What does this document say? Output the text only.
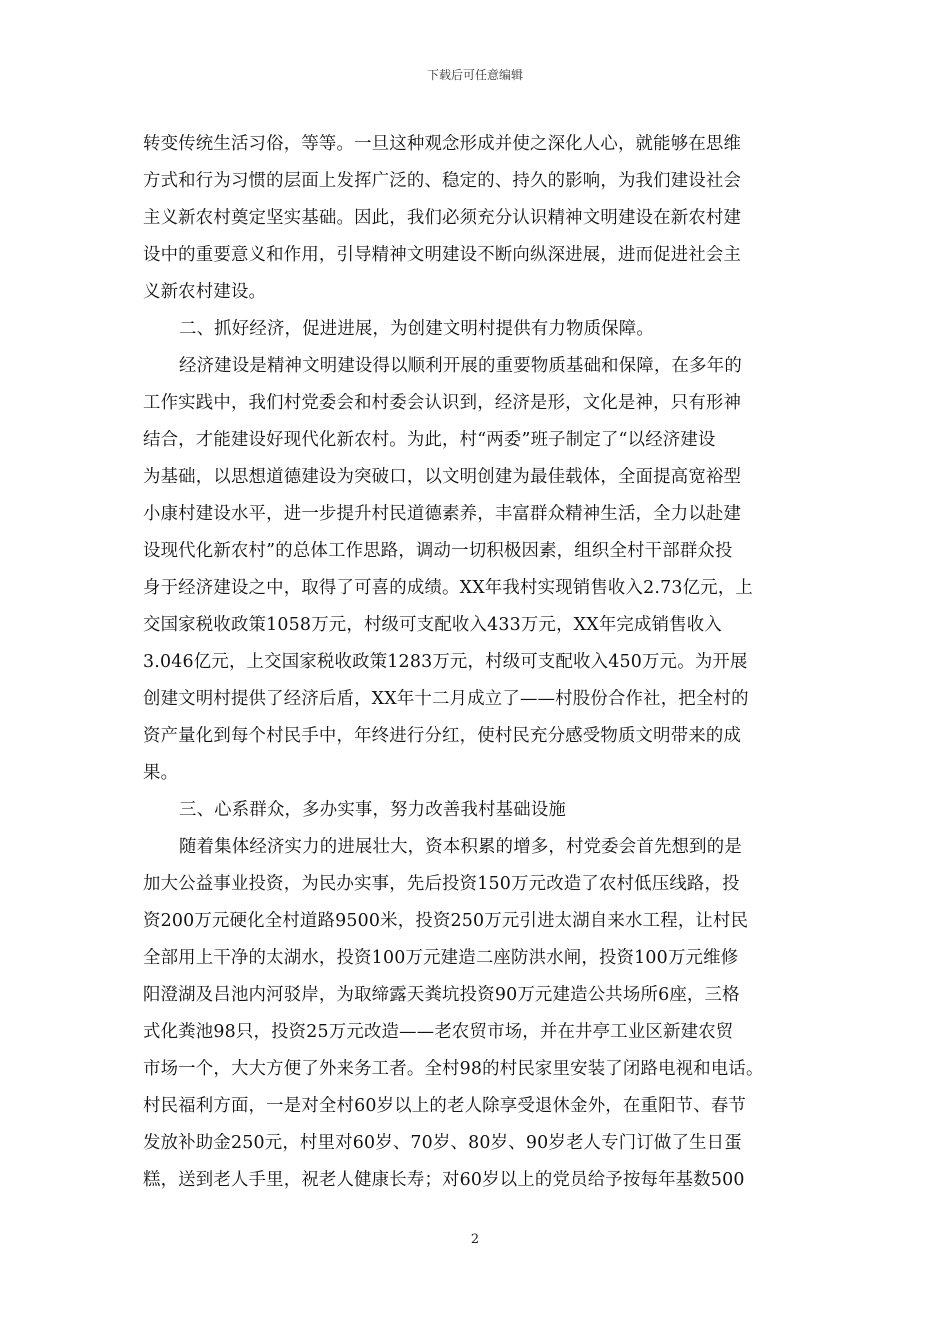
下载后可任意编辑
转变传统生活习俗，等等。一旦这种观念形成并使之深化人心，就能够在思维
方式和行为习惯的层面上发挥广泛的、稳定的、持久的影响，为我们建设社会
主义新农村奠定坚实基础。因此，我们必须充分认识精神文明建设在新农村建
设中的重要意义和作用，引导精神文明建设不断向纵深进展，进而促进社会主
义新农村建设。
二、抓好经济，促进进展，为创建文明村提供有力物质保障。
经济建设是精神文明建设得以顺利开展的重要物质基础和保障，在多年的
工作实践中，我们村党委会和村委会认识到，经济是形，文化是神，只有形神
结合，才能建设好现代化新农村。为此，村“两委”班子制定了“以经济建设
为基础，以思想道德建设为突破口，以文明创建为最佳载体，全面提高宽裕型
小康村建设水平，进一步提升村民道德素养，丰富群众精神生活，全力以赴建
设现代化新农村”的总体工作思路，调动一切积极因素，组织全村干部群众投
身于经济建设之中，取得了可喜的成绩。XX年我村实现销售收入2.73亿元，上
交国家税收政策1058万元，村级可支配收入433万元，XX年完成销售收入
3.046亿元，上交国家税收政策1283万元，村级可支配收入450万元。为开展
创建文明村提供了经济后盾，XX年十二月成立了——村股份合作社，把全村的
资产量化到每个村民手中，年终进行分红，使村民充分感受物质文明带来的成
果。
三、心系群众，多办实事，努力改善我村基础设施
随着集体经济实力的进展壮大，资本积累的增多，村党委会首先想到的是
加大公益事业投资，为民办实事，先后投资150万元改造了农村低压线路，投
资200万元硬化全村道路9500米，投资250万元引进太湖自来水工程，让村民
全部用上干净的太湖水，投资100万元建造二座防洪水闸，投资100万元维修
阳澄湖及吕池内河驳岸，为取缔露天粪坑投资90万元建造公共场所6座，三格
式化粪池98只，投资25万元改造——老农贸市场，并在井亭工业区新建农贸
市场一个，大大方便了外来务工者。全村98的村民家里安装了闭路电视和电话。
村民福利方面，一是对全村60岁以上的老人除享受退休金外，在重阳节、春节
发放补助金250元，村里对60岁、70岁、80岁、90岁老人专门订做了生日蛋
糕，送到老人手里，祝老人健康长寿；对60岁以上的党员给予按每年基数500
2
